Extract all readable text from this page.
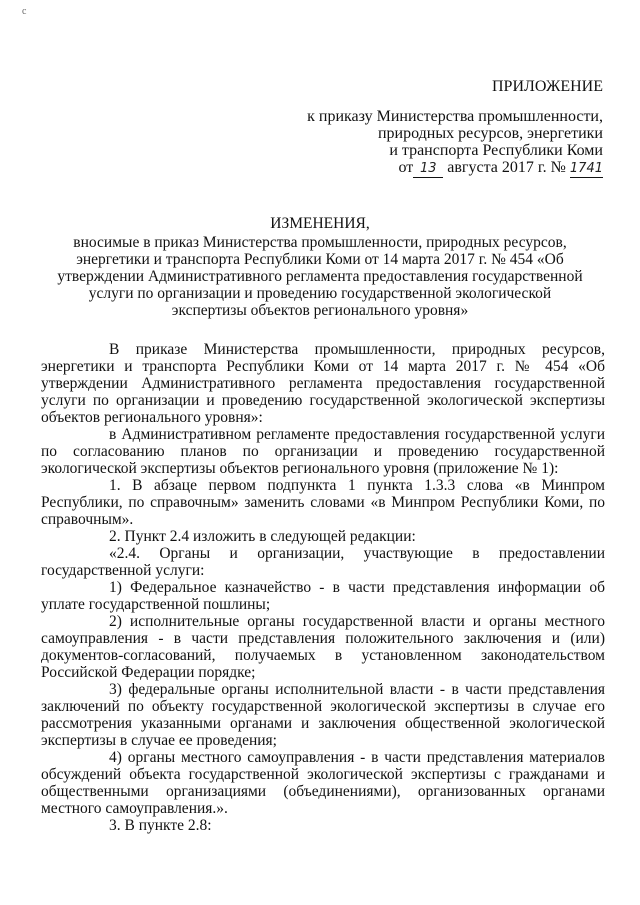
с
ПРИЛОЖЕНИЕ
к приказу Министерства промышленности,
природных ресурсов, энергетики
и транспорта Республики Коми
от 13 августа 2017 г. № 1741
ИЗМЕНЕНИЯ,
вносимые в приказ Министерства промышленности, природных ресурсов,
энергетики и транспорта Республики Коми от 14 марта 2017 г. № 454 «Об
утверждении Административного регламента предоставления государственной
услуги по организации и проведению государственной экологической
экспертизы объектов регионального уровня»

В приказе Министерства промышленности, природных ресурсов, энергетики и транспорта Республики Коми от 14 марта 2017 г. № 454 «Об утверждении Административного регламента предоставления государственной услуги по организации и проведению государственной экологической экспертизы объектов регионального уровня»:

в Административном регламенте предоставления государственной услуги по согласованию планов по организации и проведению государственной экологической экспертизы объектов регионального уровня (приложение № 1):

1. В абзаце первом подпункта 1 пункта 1.3.3 слова «в Минпром Республики, по справочным» заменить словами «в Минпром Республики Коми, по справочным».

2. Пункт 2.4 изложить в следующей редакции:

«2.4. Органы и организации, участвующие в предоставлении государственной услуги:

1) Федеральное казначейство - в части представления информации об уплате государственной пошлины;

2) исполнительные органы государственной власти и органы местного самоуправления - в части представления положительного заключения и (или) документов-согласований, получаемых в установленном законодательством Российской Федерации порядке;

3) федеральные органы исполнительной власти - в части представления заключений по объекту государственной экологической экспертизы в случае его рассмотрения указанными органами и заключения общественной экологической экспертизы в случае ее проведения;

4) органы местного самоуправления - в части представления материалов обсуждений объекта государственной экологической экспертизы с гражданами и общественными организациями (объединениями), организованных органами местного самоуправления.».

3. В пункте 2.8:
